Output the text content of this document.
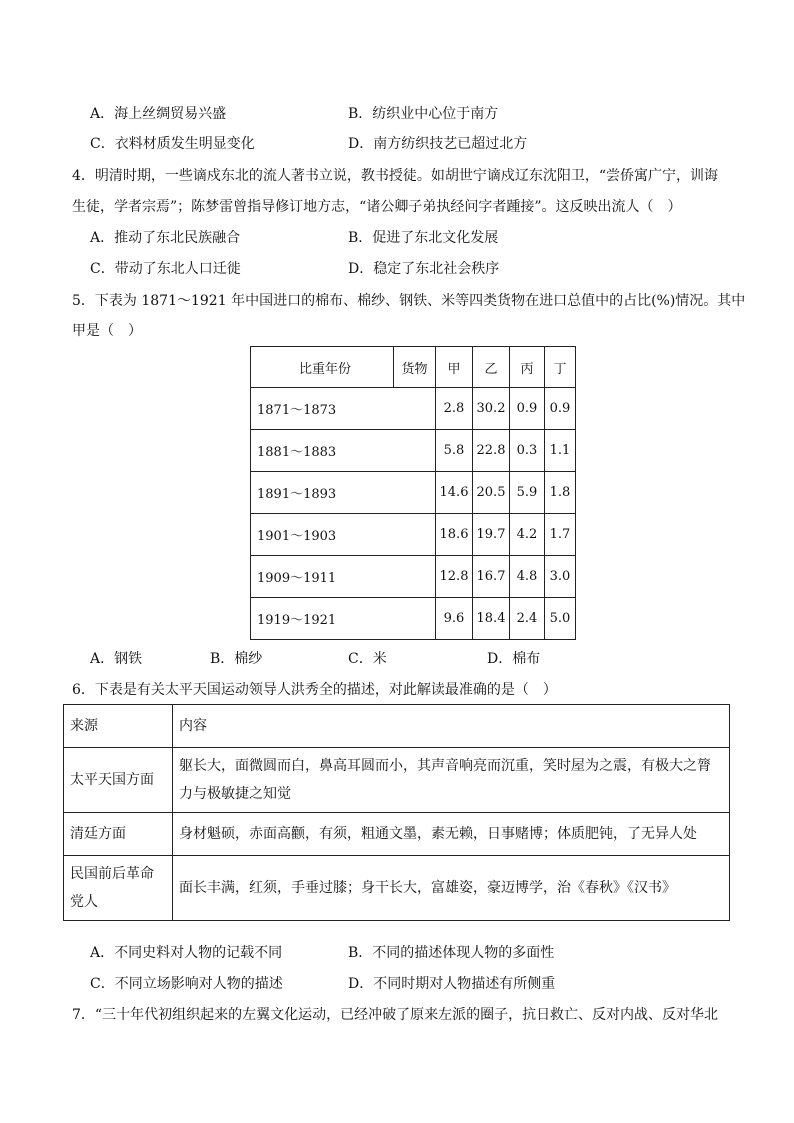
A．海上丝绸贸易兴盛	B．纺织业中心位于南方
C．衣料材质发生明显变化	D．南方纺织技艺已超过北方
4．明清时期，一些谪戍东北的流人著书立说，教书授徒。如胡世宁谪戍辽东沈阳卫，“尝侨寓广宁，训诲
生徒，学者宗焉”；陈梦雷曾指导修订地方志，“诸公卿子弟执经问字者踵接”。这反映出流人（　）
A．推动了东北民族融合	B．促进了东北文化发展
C．带动了东北人口迁徙	D．稳定了东北社会秩序
5．下表为 1871～1921 年中国进口的棉布、棉纱、钢铁、米等四类货物在进口总值中的占比(%)情况。其中
甲是（　）
比重年份	货物	甲	乙	丙	丁
1871～1873		2.8	30.2	0.9	0.9
1881～1883		5.8	22.8	0.3	1.1
1891～1893		14.6	20.5	5.9	1.8
1901～1903		18.6	19.7	4.2	1.7
1909～1911		12.8	16.7	4.8	3.0
1919～1921		9.6	18.4	2.4	5.0
A．钢铁	B．棉纱	C．米	D．棉布
6．下表是有关太平天国运动领导人洪秀全的描述，对此解读最准确的是（　）
来源	内容
太平天国方面	躯长大，面微圆而白，鼻高耳圆而小，其声音响亮而沉重，笑时屋为之震，有极大之膂力与极敏捷之知觉
清廷方面	身材魁硕，赤面高颧，有须，粗通文墨，素无赖，日事赌博；体质肥钝，了无异人处
民国前后革命党人	面长丰满，红须，手垂过膝；身干长大，富雄姿，豪迈博学，治《春秋》《汉书》
A．不同史料对人物的记载不同	B．不同的描述体现人物的多面性
C．不同立场影响对人物的描述	D．不同时期对人物描述有所侧重
7．“三十年代初组织起来的左翼文化运动，已经冲破了原来左派的圈子，抗日救亡、反对内战、反对华北
